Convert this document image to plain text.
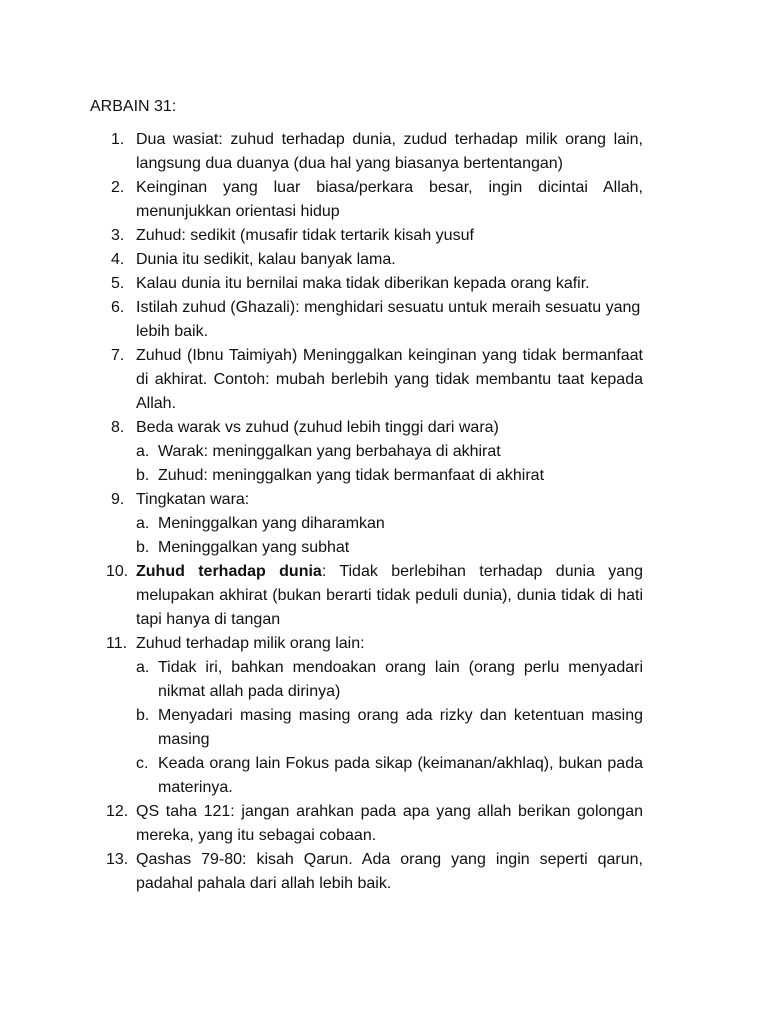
ARBAIN 31:
1. Dua wasiat: zuhud terhadap dunia, zudud terhadap milik orang lain, langsung dua duanya (dua hal yang biasanya bertentangan)
2. Keinginan yang luar biasa/perkara besar, ingin dicintai Allah, menunjukkan orientasi hidup
3. Zuhud: sedikit (musafir tidak tertarik kisah yusuf
4. Dunia itu sedikit, kalau banyak lama.
5. Kalau dunia itu bernilai maka tidak diberikan kepada orang kafir.
6. Istilah zuhud (Ghazali): menghidari sesuatu untuk meraih sesuatu yang lebih baik.
7. Zuhud (Ibnu Taimiyah) Meninggalkan keinginan yang tidak bermanfaat di akhirat. Contoh: mubah berlebih yang tidak membantu taat kepada Allah.
8. Beda warak vs zuhud (zuhud lebih tinggi dari wara)
a. Warak: meninggalkan yang berbahaya di akhirat
b. Zuhud: meninggalkan yang tidak bermanfaat di akhirat
9. Tingkatan wara:
a. Meninggalkan yang diharamkan
b. Meninggalkan yang subhat
10. Zuhud terhadap dunia: Tidak berlebihan terhadap dunia yang melupakan akhirat (bukan berarti tidak peduli dunia), dunia tidak di hati tapi hanya di tangan
11. Zuhud terhadap milik orang lain:
a. Tidak iri, bahkan mendoakan orang lain (orang perlu menyadari nikmat allah pada dirinya)
b. Menyadari masing masing orang ada rizky dan ketentuan masing masing
c. Keada orang lain Fokus pada sikap (keimanan/akhlaq), bukan pada materinya.
12. QS taha 121: jangan arahkan pada apa yang allah berikan golongan mereka, yang itu sebagai cobaan.
13. Qashas 79-80: kisah Qarun. Ada orang yang ingin seperti qarun, padahal pahala dari allah lebih baik.
